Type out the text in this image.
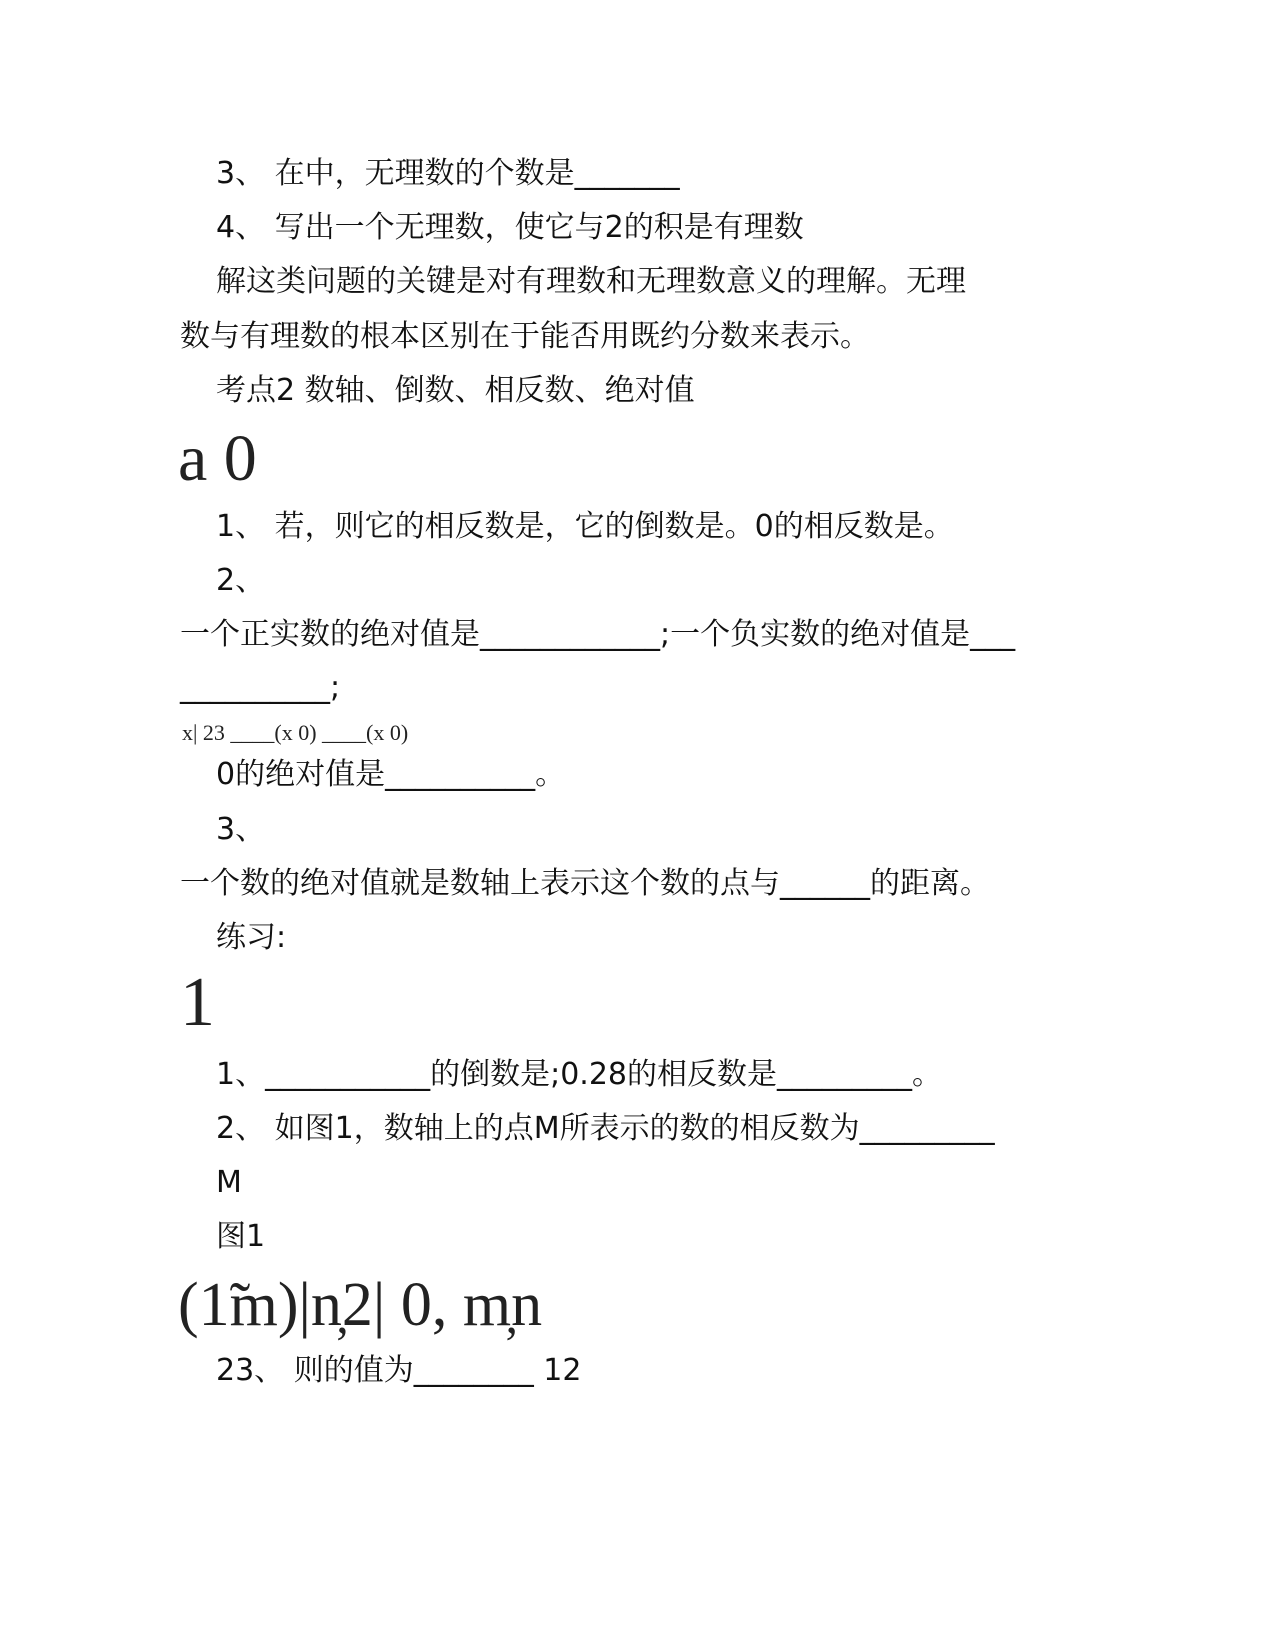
3、 在中，无理数的个数是_______
4、 写出一个无理数，使它与2的积是有理数
解这类问题的关键是对有理数和无理数意义的理解。无理
数与有理数的根本区别在于能否用既约分数来表示。
考点2 数轴、倒数、相反数、绝对值
a 0
1、 若，则它的相反数是，它的倒数是。0的相反数是。
2、
一个正实数的绝对值是____________;一个负实数的绝对值是___
__________;
x| 23 ____(x 0) ____(x 0)
0的绝对值是__________。
3、
一个数的绝对值就是数轴上表示这个数的点与______的距离。
练习:
1
1、___________的倒数是;0.28的相反数是_________。
2、 如图1，数轴上的点M所表示的数的相反数为_________
M
图1
(1̃m)|n̦2| 0, m̦n
23、 则的值为________ 12
